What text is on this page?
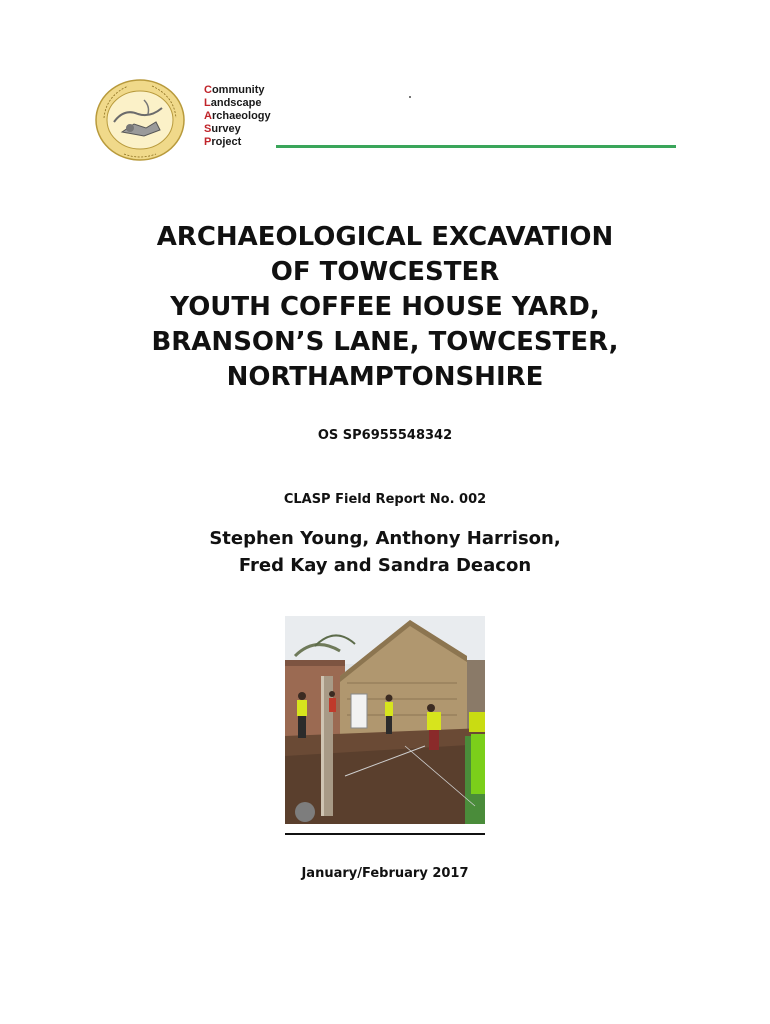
Community
Landscape
Archaeology
Survey
Project
ARCHAEOLOGICAL EXCAVATION
OF TOWCESTER
YOUTH COFFEE HOUSE YARD,
BRANSON’S LANE, TOWCESTER,
NORTHAMPTONSHIRE
OS SP6955548342
CLASP Field Report No. 002
Stephen Young, Anthony Harrison,
Fred Kay and Sandra Deacon
January/February 2017
